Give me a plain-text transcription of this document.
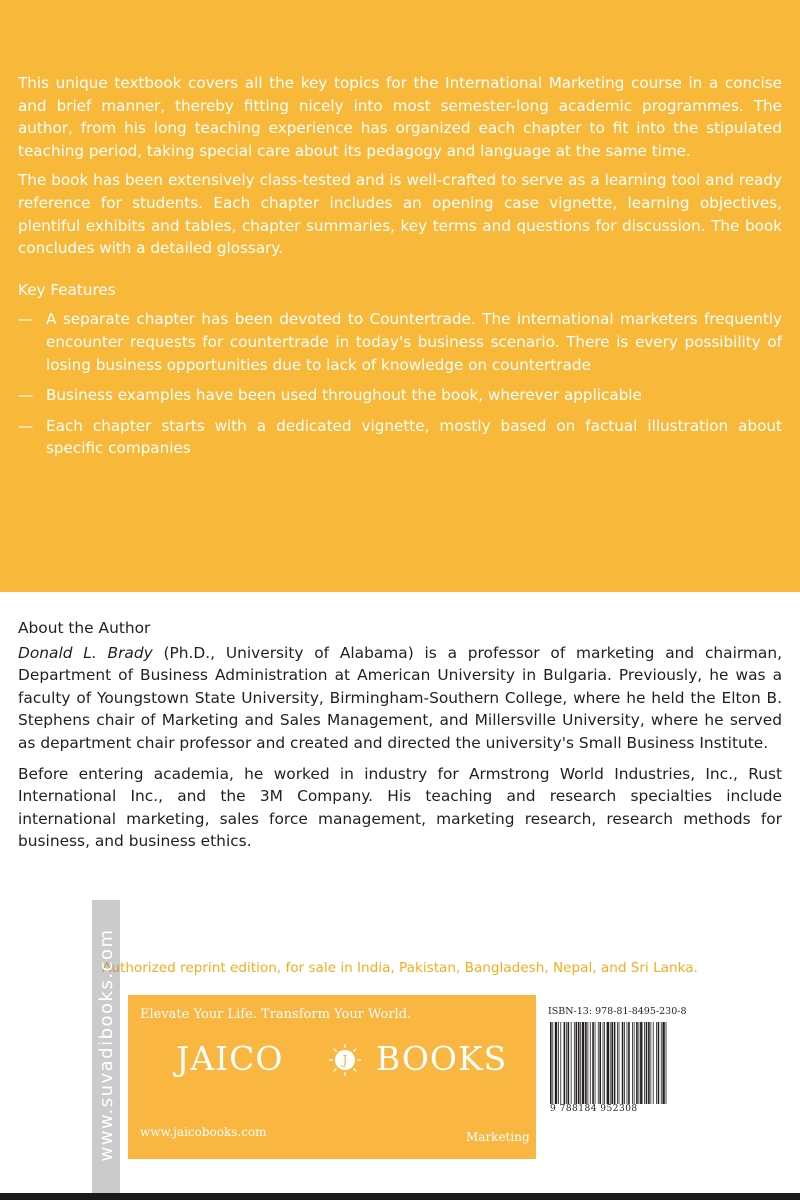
This unique textbook covers all the key topics for the International Marketing course in a concise and brief manner, thereby fitting nicely into most semester-long academic programmes. The author, from his long teaching experience has organized each chapter to fit into the stipulated teaching period, taking special care about its pedagogy and language at the same time.

The book has been extensively class-tested and is well-crafted to serve as a learning tool and ready reference for students. Each chapter includes an opening case vignette, learning objectives, plentiful exhibits and tables, chapter summaries, key terms and questions for discussion. The book concludes with a detailed glossary.

Key Features

— A separate chapter has been devoted to Countertrade. The international marketers frequently encounter requests for countertrade in today's business scenario. There is every possibility of losing business opportunities due to lack of knowledge on countertrade
— Business examples have been used throughout the book, wherever applicable
— Each chapter starts with a dedicated vignette, mostly based on factual illustration about specific companies

About the Author

Donald L. Brady (Ph.D., University of Alabama) is a professor of marketing and chairman, Department of Business Administration at American University in Bulgaria. Previously, he was a faculty of Youngstown State University, Birmingham-Southern College, where he held the Elton B. Stephens chair of Marketing and Sales Management, and Millersville University, where he served as department chair professor and created and directed the university's Small Business Institute.

Before entering academia, he worked in industry for Armstrong World Industries, Inc., Rust International Inc., and the 3M Company. His teaching and research specialties include international marketing, sales force management, marketing research, research methods for business, and business ethics.

Authorized reprint edition, for sale in India, Pakistan, Bangladesh, Nepal, and Sri Lanka.
Elevate Your Life. Transform Your World.
JAICO	J BOOKS
www.jaicobooks.com	Marketing
ISBN-13: 978-81-8495-230-8
9 788184 952308
www.suvadibooks.com
